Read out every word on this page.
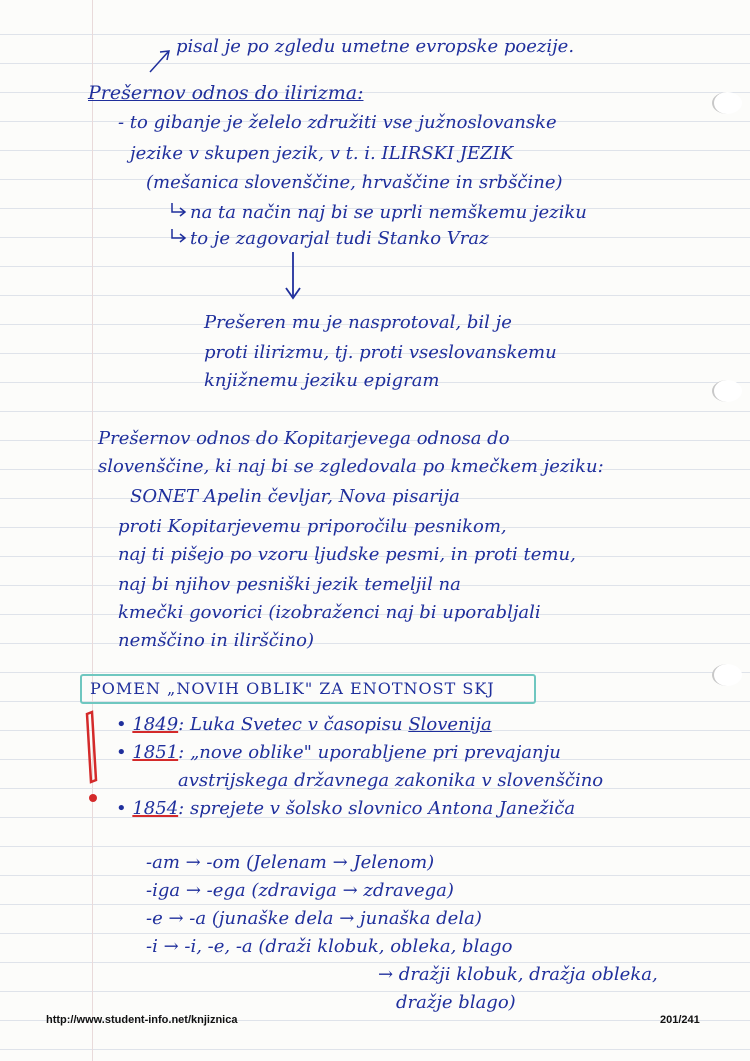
pisal je po zgledu umetne evropske poezije.
Prešernov odnos do ilirizma:
- to gibanje je želelo združiti vse južnoslovanske
jezike v skupen jezik, v t. i. ILIRSKI JEZIK
(mešanica slovenščine, hrvaščine in srbščine)
na ta način naj bi se uprli nemškemu jeziku
to je zagovarjal tudi Stanko Vraz
Prešeren mu je nasprotoval, bil je
proti ilirizmu, tj. proti vseslovanskemu
knjižnemu jeziku epigram
Prešernov odnos do Kopitarjevega odnosa do
slovenščine, ki naj bi se zgledovala po kmečkem jeziku:
SONET Apelin čevljar, Nova pisarija
proti Kopitarjevemu priporočilu pesnikom,
naj ti pišejo po vzoru ljudske pesmi, in proti temu,
naj bi njihov pesniški jezik temeljil na
kmečki govorici (izobraženci naj bi uporabljali
nemščino in ilirščino)
POMEN „NOVIH OBLIK" ZA ENOTNOST SKJ
• 1849: Luka Svetec v časopisu Slovenija
• 1851: „nove oblike" uporabljene pri prevajanju
avstrijskega državnega zakonika v slovenščino
• 1854: sprejete v šolsko slovnico Antona Janežiča
-am → -om (Jelenam → Jelenom)
-iga → -ega (zdraviga → zdravega)
-e → -a (junaške dela → junaška dela)
-i → -i, -e, -a (draži klobuk, obleka, blago
→ dražji klobuk, dražja obleka,
dražje blago)
http://www.student-info.net/knjiznica	201/241
